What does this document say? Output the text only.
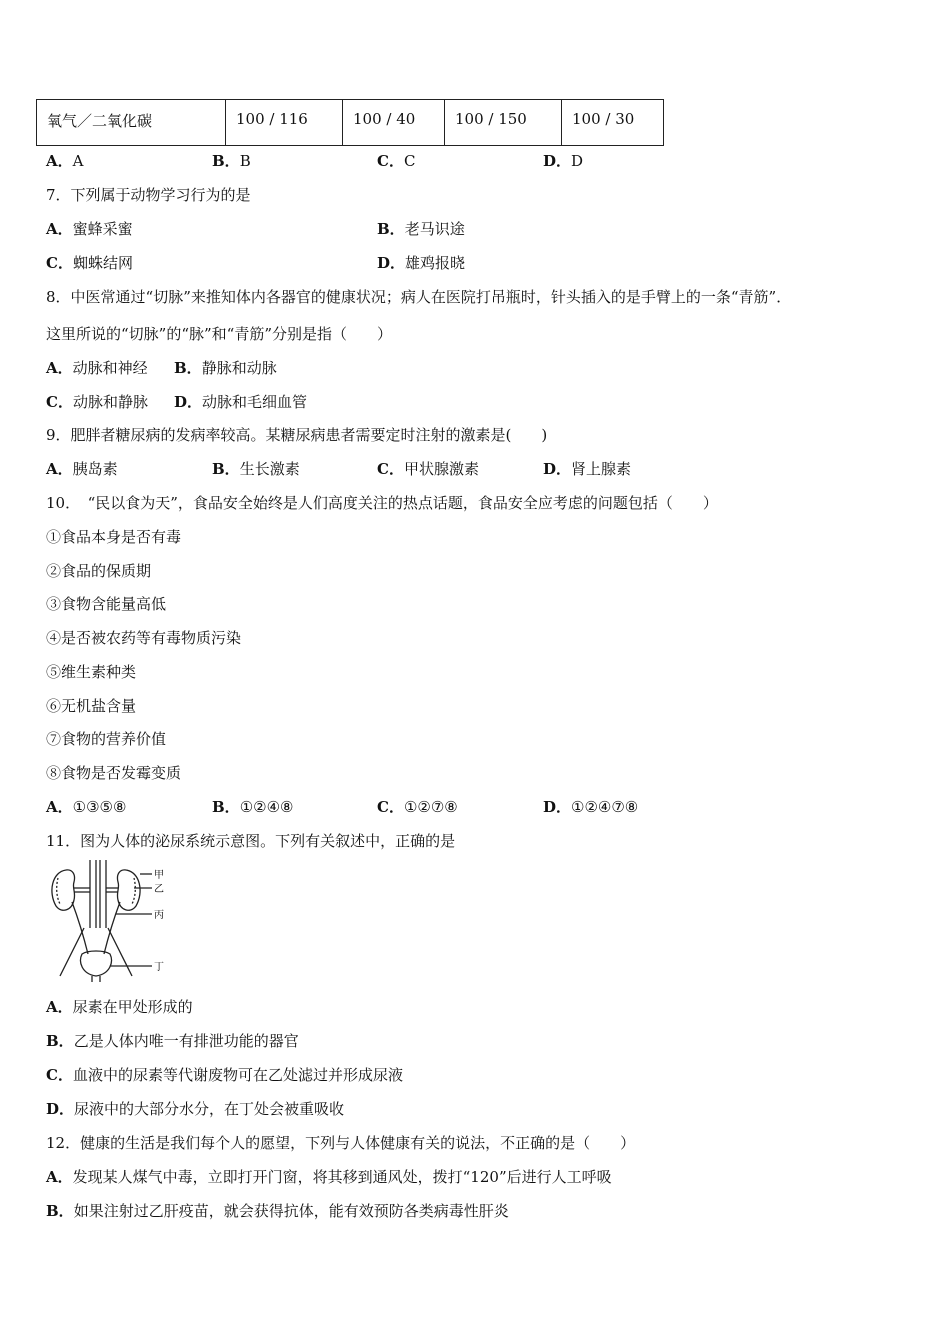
氧气／二氧化碳	100 / 116	100 / 40	100 / 150	100 / 30
A．A	B．B	C．C	D．D
7．下列属于动物学习行为的是
A．蜜蜂采蜜	B．老马识途
C．蜘蛛结网	D．雄鸡报晓
8．中医常通过“切脉”来推知体内各器官的健康状况；病人在医院打吊瓶时，针头插入的是手臂上的一条“青筋”．
这里所说的“切脉”的“脉”和“青筋”分别是指（　　）
A．动脉和神经 B．静脉和动脉
C．动脉和静脉 D．动脉和毛细血管
9．肥胖者糖尿病的发病率较高。某糖尿病患者需要定时注射的激素是(　　)
A．胰岛素	B．生长激素	C．甲状腺激素	D．肾上腺素
10．　“民以食为天”，食品安全始终是人们高度关注的热点话题，食品安全应考虑的问题包括（　　）
①食品本身是否有毒
②食品的保质期
③食物含能量高低
④是否被农药等有毒物质污染
⑤维生素种类
⑥无机盐含量
⑦食物的营养价值
⑧食物是否发霉变质
A．①③⑤⑧	B．①②④⑧	C．①②⑦⑧	D．①②④⑦⑧
11．图为人体的泌尿系统示意图。下列有关叙述中，正确的是
甲
乙
丙
丁
A．尿素在甲处形成的
B．乙是人体内唯一有排泄功能的器官
C．血液中的尿素等代谢废物可在乙处滤过并形成尿液
D．尿液中的大部分水分，在丁处会被重吸收
12．健康的生活是我们每个人的愿望，下列与人体健康有关的说法，不正确的是（　　）
A．发现某人煤气中毒，立即打开门窗，将其移到通风处，拨打“120”后进行人工呼吸
B．如果注射过乙肝疫苗，就会获得抗体，能有效预防各类病毒性肝炎
